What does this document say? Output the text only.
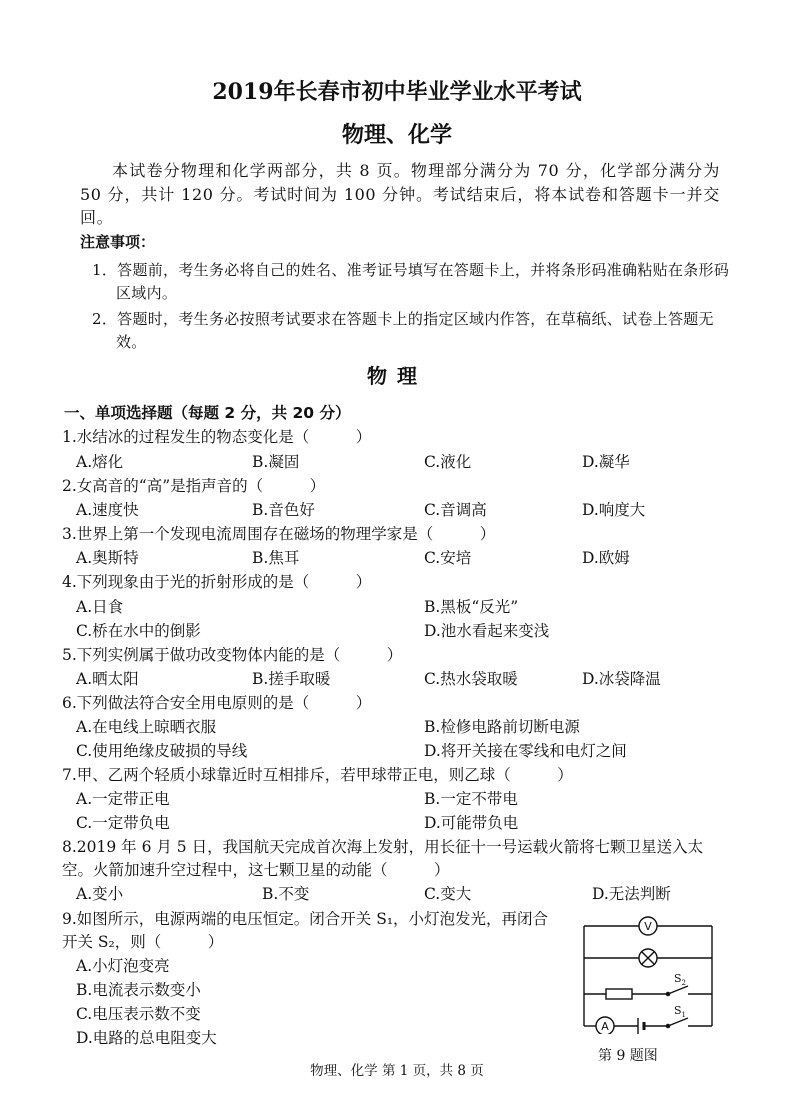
2019年长春市初中毕业学业水平考试
物理、化学
本试卷分物理和化学两部分，共 8 页。物理部分满分为 70 分，化学部分满分为 50 分，共计 120 分。考试时间为 100 分钟。考试结束后，将本试卷和答题卡一并交回。
注意事项：
1．答题前，考生务必将自己的姓名、准考证号填写在答题卡上，并将条形码准确粘贴在条形码区域内。
2．答题时，考生务必按照考试要求在答题卡上的指定区域内作答，在草稿纸、试卷上答题无效。
物理
一、单项选择题（每题 2 分，共 20 分）
1.水结冰的过程发生的物态变化是（　　　）
A.熔化	B.凝固	C.液化	D.凝华
2.女高音的“高”是指声音的（　　　）
A.速度快	B.音色好	C.音调高	D.响度大
3.世界上第一个发现电流周围存在磁场的物理学家是（　　　）
A.奥斯特	B.焦耳	C.安培	D.欧姆
4.下列现象由于光的折射形成的是（　　　）
A.日食	B.黑板“反光”
C.桥在水中的倒影	D.池水看起来变浅
5.下列实例属于做功改变物体内能的是（　　　）
A.晒太阳	B.搓手取暖	C.热水袋取暖	D.冰袋降温
6.下列做法符合安全用电原则的是（　　　）
A.在电线上晾晒衣服	B.检修电路前切断电源
C.使用绝缘皮破损的导线	D.将开关接在零线和电灯之间
7.甲、乙两个轻质小球靠近时互相排斥，若甲球带正电，则乙球（　　　）
A.一定带正电	B.一定不带电
C.一定带负电	D.可能带负电
8.2019 年 6 月 5 日，我国航天完成首次海上发射，用长征十一号运载火箭将七颗卫星送入太空。火箭加速升空过程中，这七颗卫星的动能（　　　）
A.变小	B.不变	C.变大	D.无法判断
9.如图所示，电源两端的电压恒定。闭合开关 S₁，小灯泡发光，再闭合开关 S₂，则（　　　）
A.小灯泡变亮
B.电流表示数变小
C.电压表示数不变
D.电路的总电阻变大
V
A
$S_2$
$S_1$
第 9 题图
物理、化学 第 1 页，共 8 页
